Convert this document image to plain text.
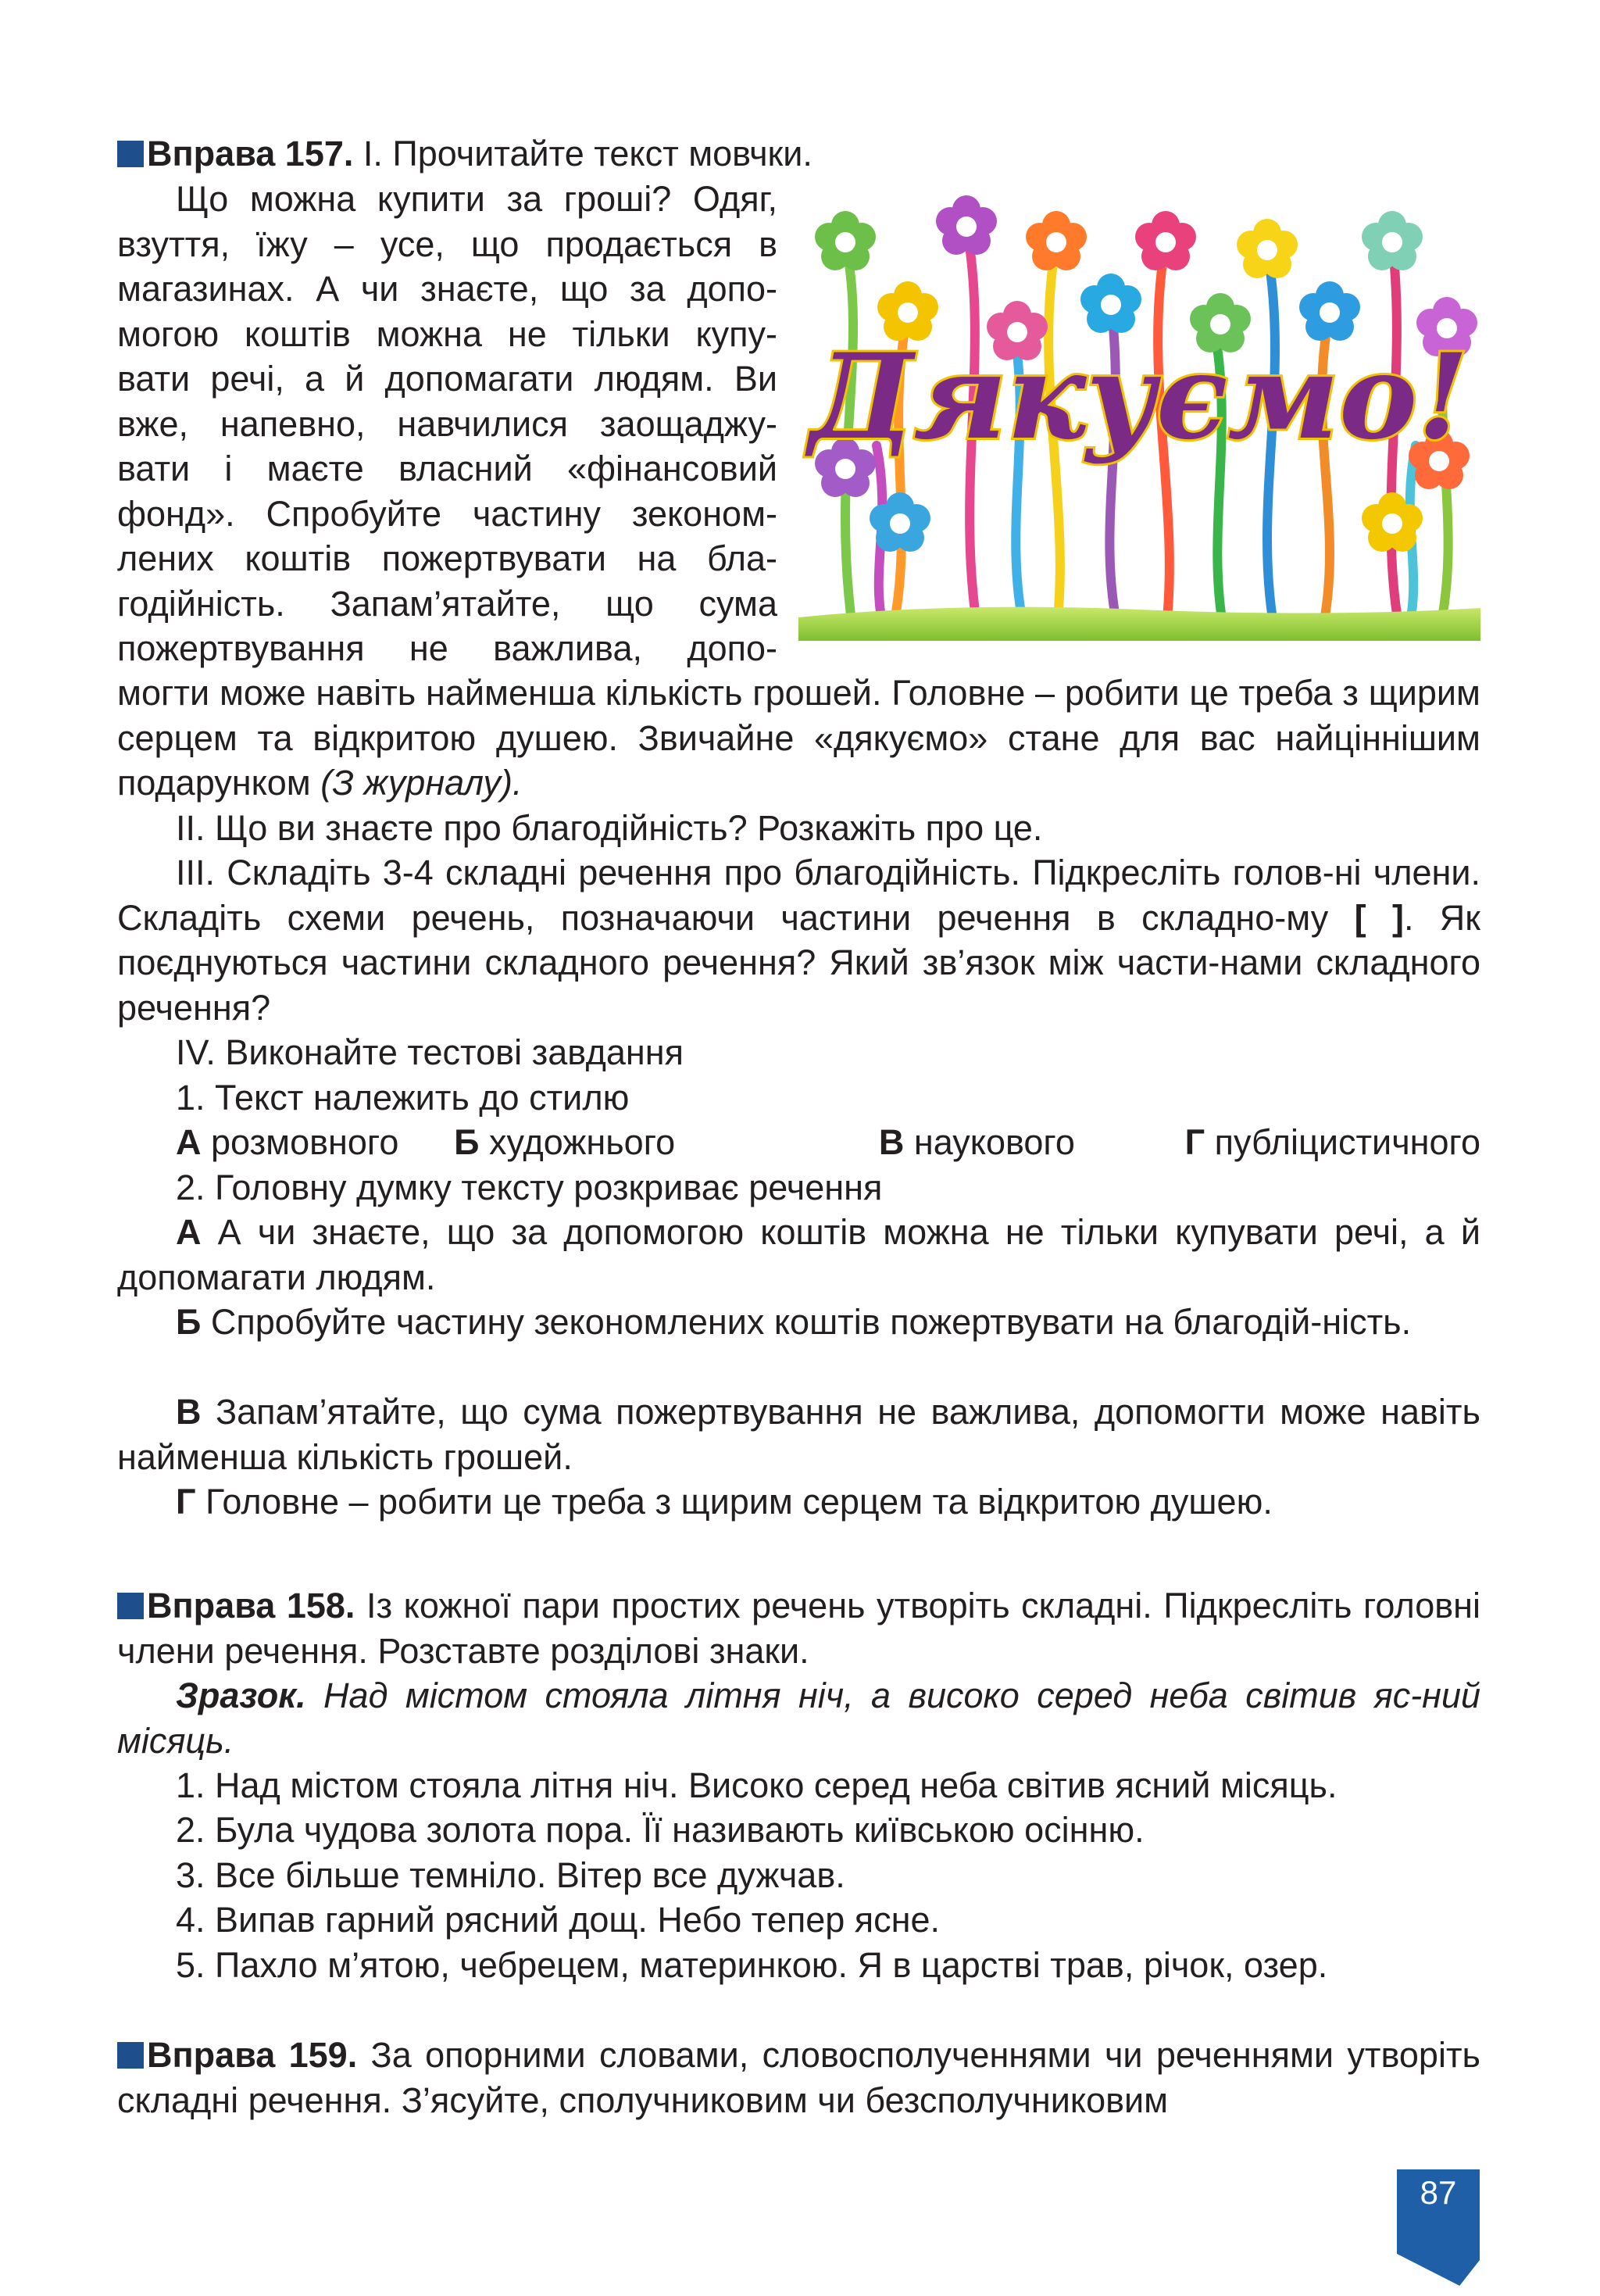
Вправа 157. I. Прочитайте текст мовчки.
Що можна купити за гроші? Одяг,
взуття, їжу – усе, що продається в
магазинах. А чи знаєте, що за допо-
могою коштів можна не тільки купу-
вати речі, а й допомагати людям. Ви
вже, напевно, навчилися заощаджу-
вати і маєте власний «фінансовий
фонд». Спробуйте частину зеконом-
лених коштів пожертвувати на бла-
годійність. Запам’ятайте, що сума
пожертвування не важлива, допо-
Дякуємо!
могти може навіть найменша кількість грошей. Головне – робити це треба з щирим серцем та відкритою душею. Звичайне «дякуємо» стане для вас найціннішим подарунком (З журналу).
II. Що ви знаєте про благодійність? Розкажіть про це.
III. Складіть 3-4 складні речення про благодійність. Підкресліть голов-ні члени. Складіть схеми речень, позначаючи частини речення в складно-му [ ]. Як поєднуються частини складного речення? Який зв’язок між части-нами складного речення?
IV. Виконайте тестові завдання
1. Текст належить до стилю
А розмовного Б художнього	В наукового	Г публіцистичного
2. Головну думку тексту розкриває речення
А А чи знаєте, що за допомогою коштів можна не тільки купувати речі, а й допомагати людям.
Б Спробуйте частину зекономлених коштів пожертвувати на благодій-ність.
В Запам’ятайте, що сума пожертвування не важлива, допомогти може навіть найменша кількість грошей.
Г Головне – робити це треба з щирим серцем та відкритою душею.
Вправа 158. Із кожної пари простих речень утворіть складні. Підкресліть головні члени речення. Розставте розділові знаки.
Зразок. Над містом стояла літня ніч, а високо серед неба світив яс-ний місяць.
1. Над містом стояла літня ніч. Високо серед неба світив ясний місяць.
2. Була чудова золота пора. Її називають київською осінню.
3. Все більше темніло. Вітер все дужчав.
4. Випав гарний рясний дощ. Небо тепер ясне.
5. Пахло м’ятою, чебрецем, материнкою. Я в царстві трав, річок, озер.
Вправа 159. За опорними словами, словосполученнями чи реченнями утворіть складні речення. З’ясуйте, сполучниковим чи безсполучниковим
87
